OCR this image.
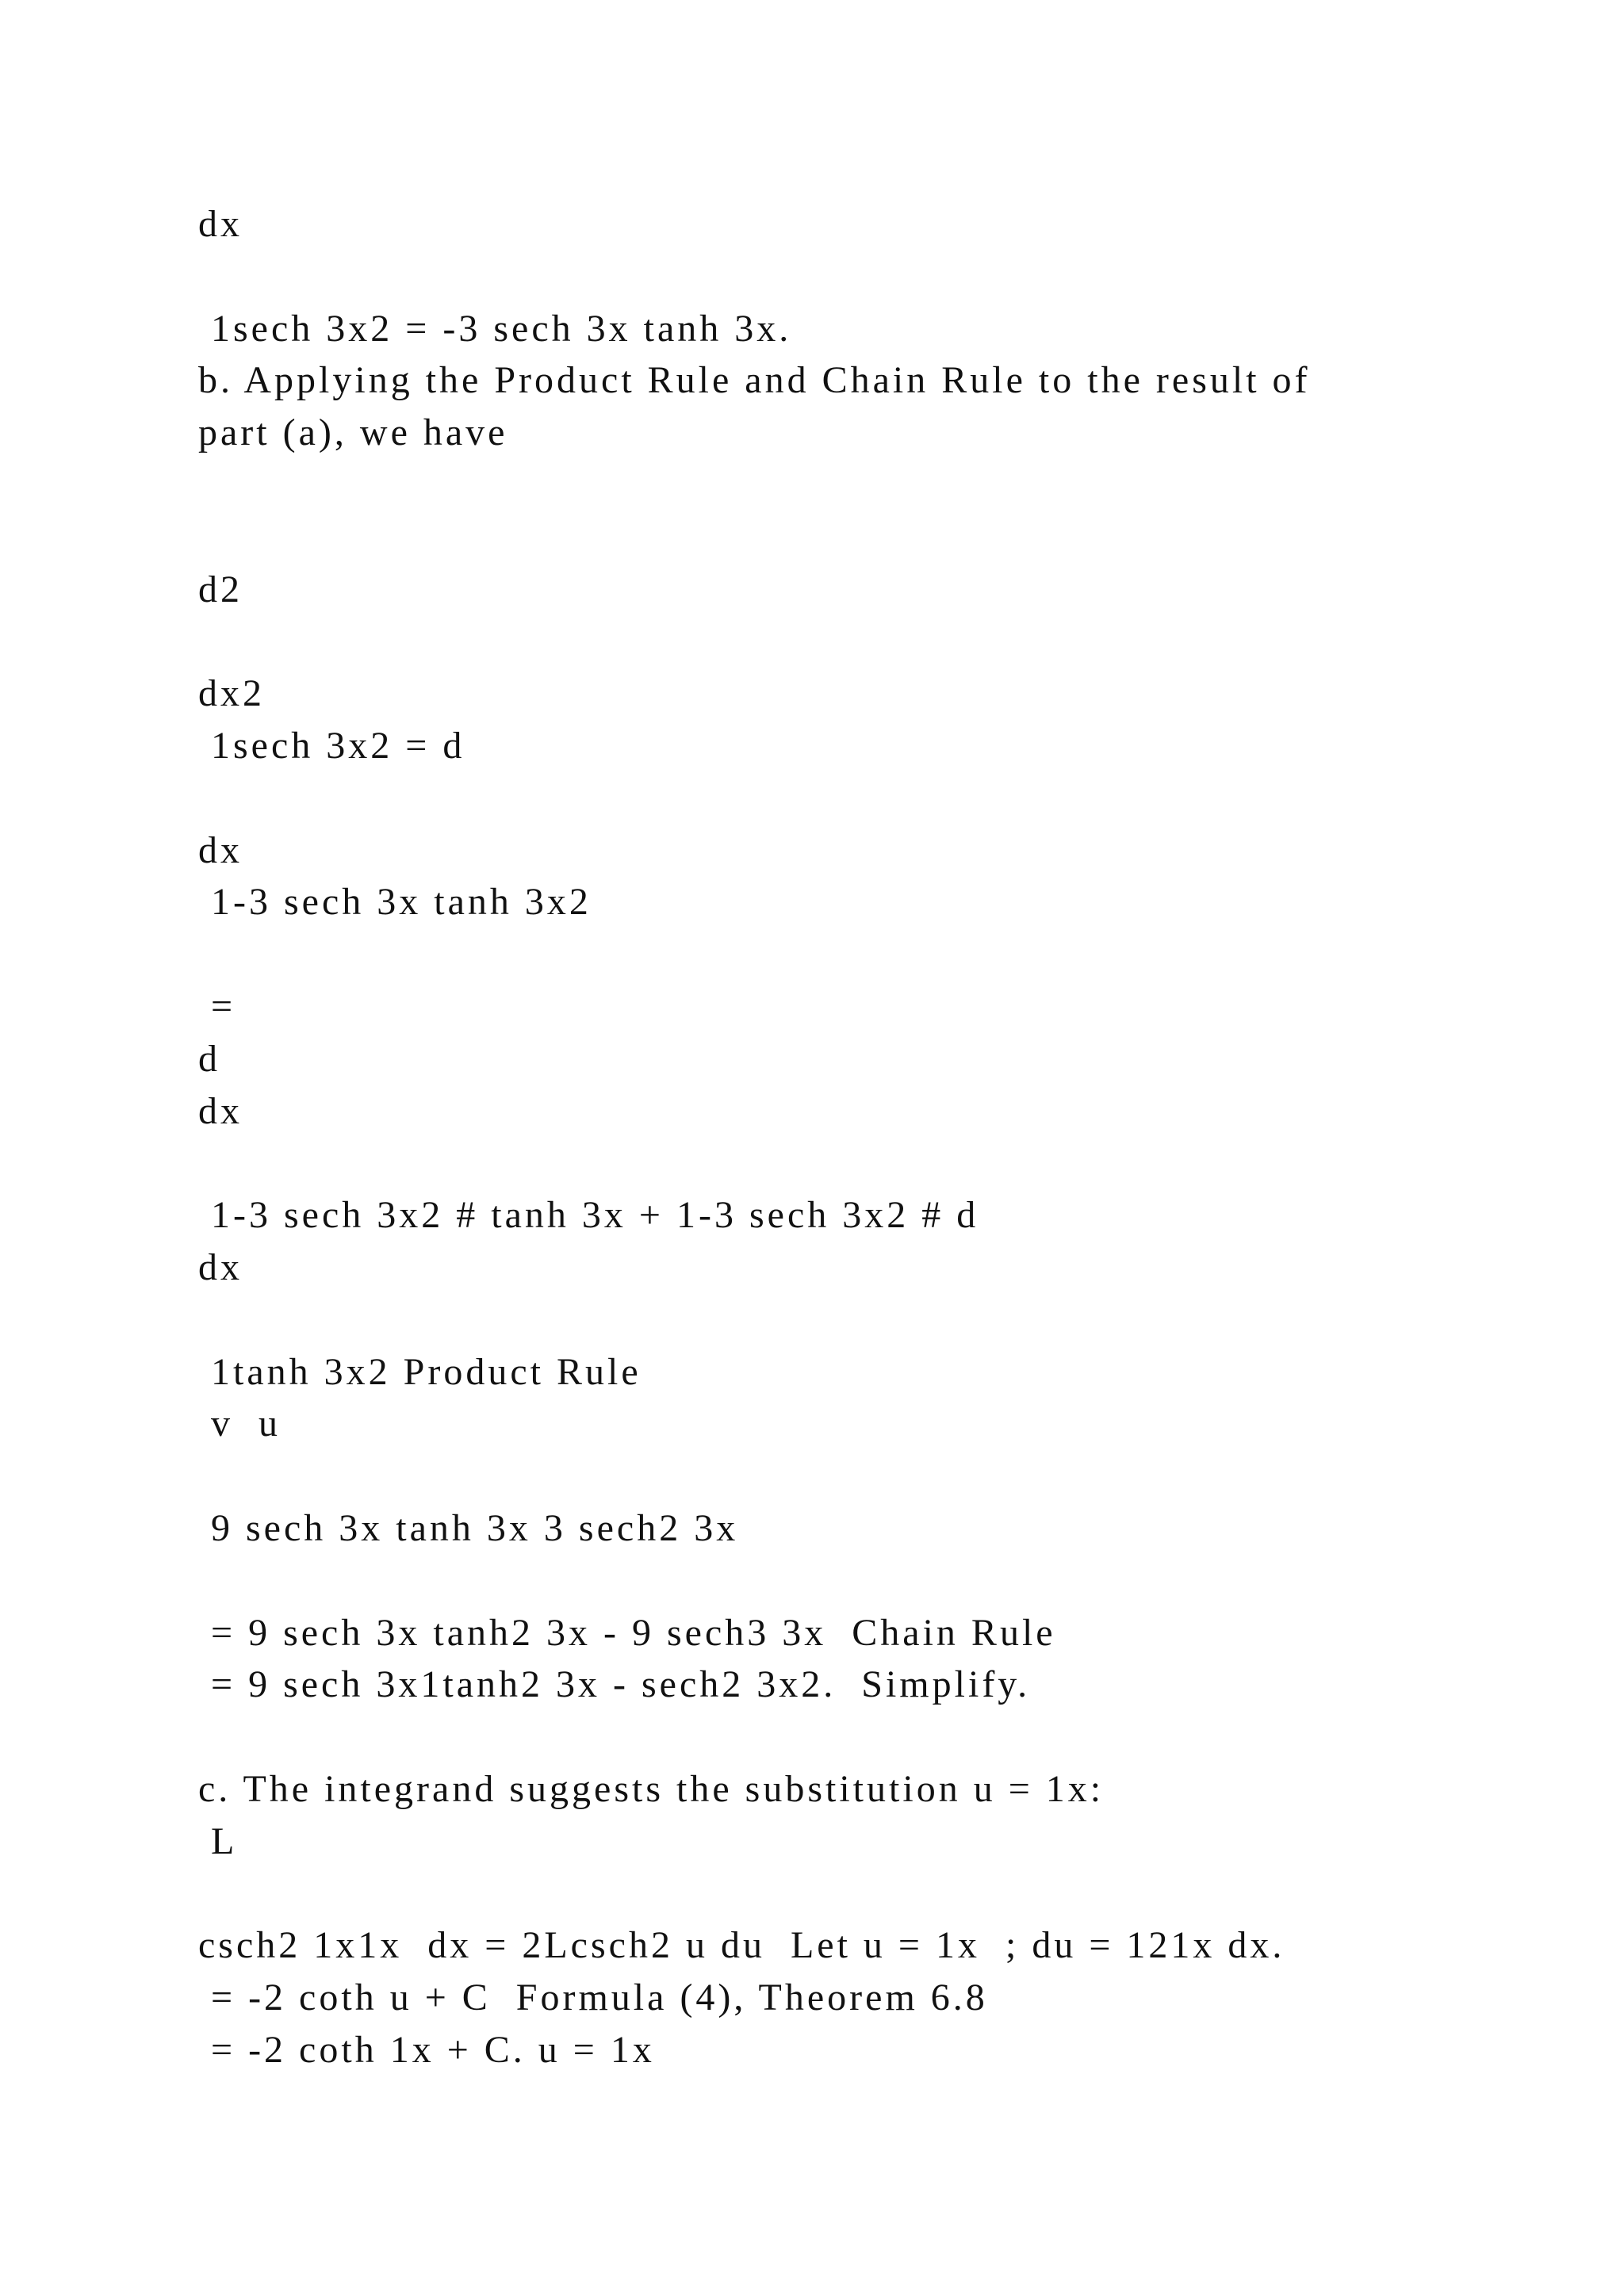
dx
1sech 3x2 = -3 sech 3x tanh 3x.
b. Applying the Product Rule and Chain Rule to the result of
part (a), we have
d2
dx2
1sech 3x2 = d
dx
1-3 sech 3x tanh 3x2
=
d
dx
1-3 sech 3x2 # tanh 3x + 1-3 sech 3x2 # d
dx
1tanh 3x2 Product Rule
v  u
9 sech 3x tanh 3x 3 sech2 3x
= 9 sech 3x tanh2 3x - 9 sech3 3x  Chain Rule
= 9 sech 3x1tanh2 3x - sech2 3x2.  Simplify.
c. The integrand suggests the substitution u = 1x:
L
csch2 1x1x  dx = 2Lcsch2 u du  Let u = 1x  ; du = 121x dx.
= -2 coth u + C  Formula (4), Theorem 6.8
= -2 coth 1x + C. u = 1x
